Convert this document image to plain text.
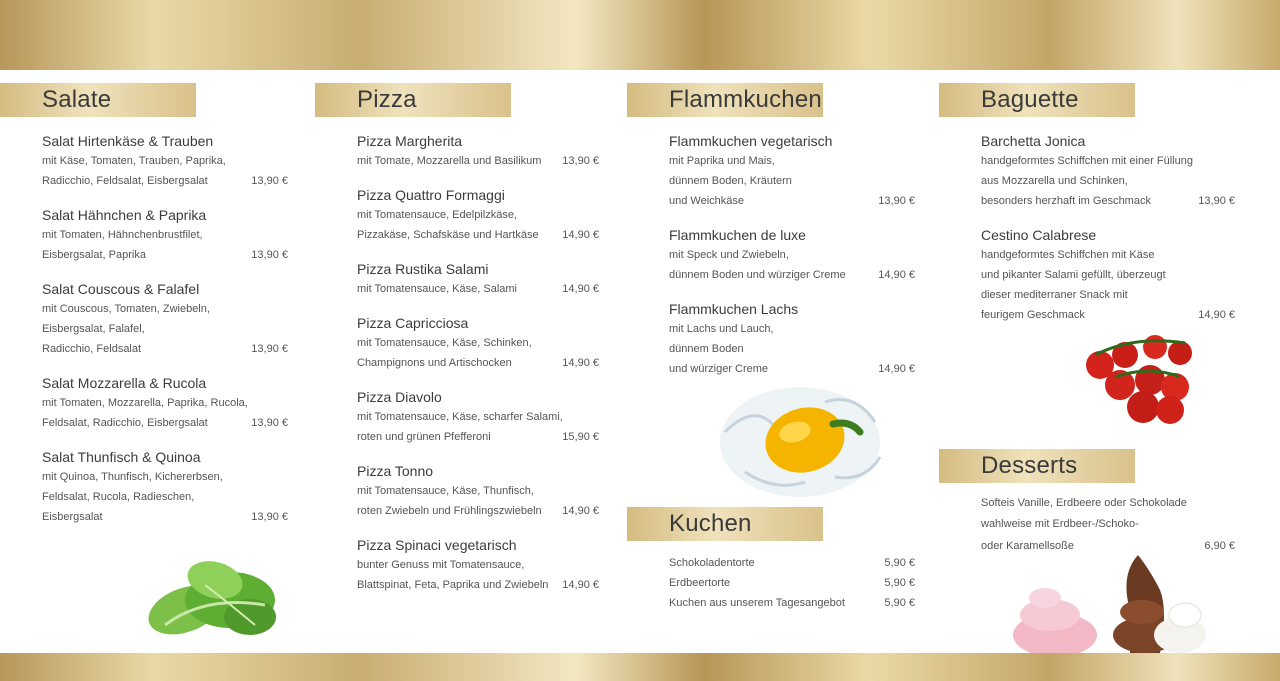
Salate
Salat Hirtenkäse & Trauben
mit Käse, Tomaten, Trauben, Paprika,
Radicchio, Feldsalat, Eisbergsalat	13,90 €
Salat Hähnchen & Paprika
mit Tomaten, Hähnchenbrustfilet,
Eisbergsalat, Paprika	13,90 €
Salat Couscous & Falafel
mit Couscous, Tomaten, Zwiebeln,
Eisbergsalat, Falafel,
Radicchio, Feldsalat	13,90 €
Salat Mozzarella & Rucola
mit Tomaten, Mozzarella, Paprika, Rucola,
Feldsalat, Radicchio, Eisbergsalat	13,90 €
Salat Thunfisch & Quinoa
mit Quinoa, Thunfisch, Kichererbsen,
Feldsalat, Rucola, Radieschen,
Eisbergsalat	13,90 €
Pizza
Pizza Margherita
mit Tomate, Mozzarella und Basilikum 13,90 €
Pizza Quattro Formaggi
mit Tomatensauce, Edelpilzkäse,
Pizzakäse, Schafskäse und Hartkäse 14,90 €
Pizza Rustika Salami
mit Tomatensauce, Käse, Salami	14,90 €
Pizza Capricciosa
mit Tomatensauce, Käse, Schinken,
Champignons und Artischocken	14,90 €
Pizza Diavolo
mit Tomatensauce, Käse, scharfer Salami,
roten und grünen Pfefferoni	15,90 €
Pizza Tonno
mit Tomatensauce, Käse, Thunfisch,
roten Zwiebeln und Frühlingszwiebeln 14,90 €
Pizza Spinaci vegetarisch
bunter Genuss mit Tomatensauce,
Blattspinat, Feta, Paprika und Zwiebeln 14,90 €
Flammkuchen
Flammkuchen vegetarisch
mit Paprika und Mais,
dünnem Boden, Kräutern
und Weichkäse	13,90 €
Flammkuchen de luxe
mit Speck und Zwiebeln,
dünnem Boden und würziger Creme	14,90 €
Flammkuchen Lachs
mit Lachs und Lauch,
dünnem Boden
und würziger Creme	14,90 €
Kuchen
Schokoladentorte	5,90 €
Erdbeertorte	5,90 €
Kuchen aus unserem Tagesangebot	5,90 €
Baguette
Barchetta Jonica
handgeformtes Schiffchen mit einer Füllung
aus Mozzarella und Schinken,
besonders herzhaft im Geschmack	13,90 €
Cestino Calabrese
handgeformtes Schiffchen mit Käse
und pikanter Salami gefüllt, überzeugt
dieser mediterraner Snack mit
feurigem Geschmack	14,90 €
Desserts
Softeis Vanille, Erdbeere oder Schokolade
wahlweise mit Erdbeer-/Schoko-
oder Karamellsoße	6,90 €
